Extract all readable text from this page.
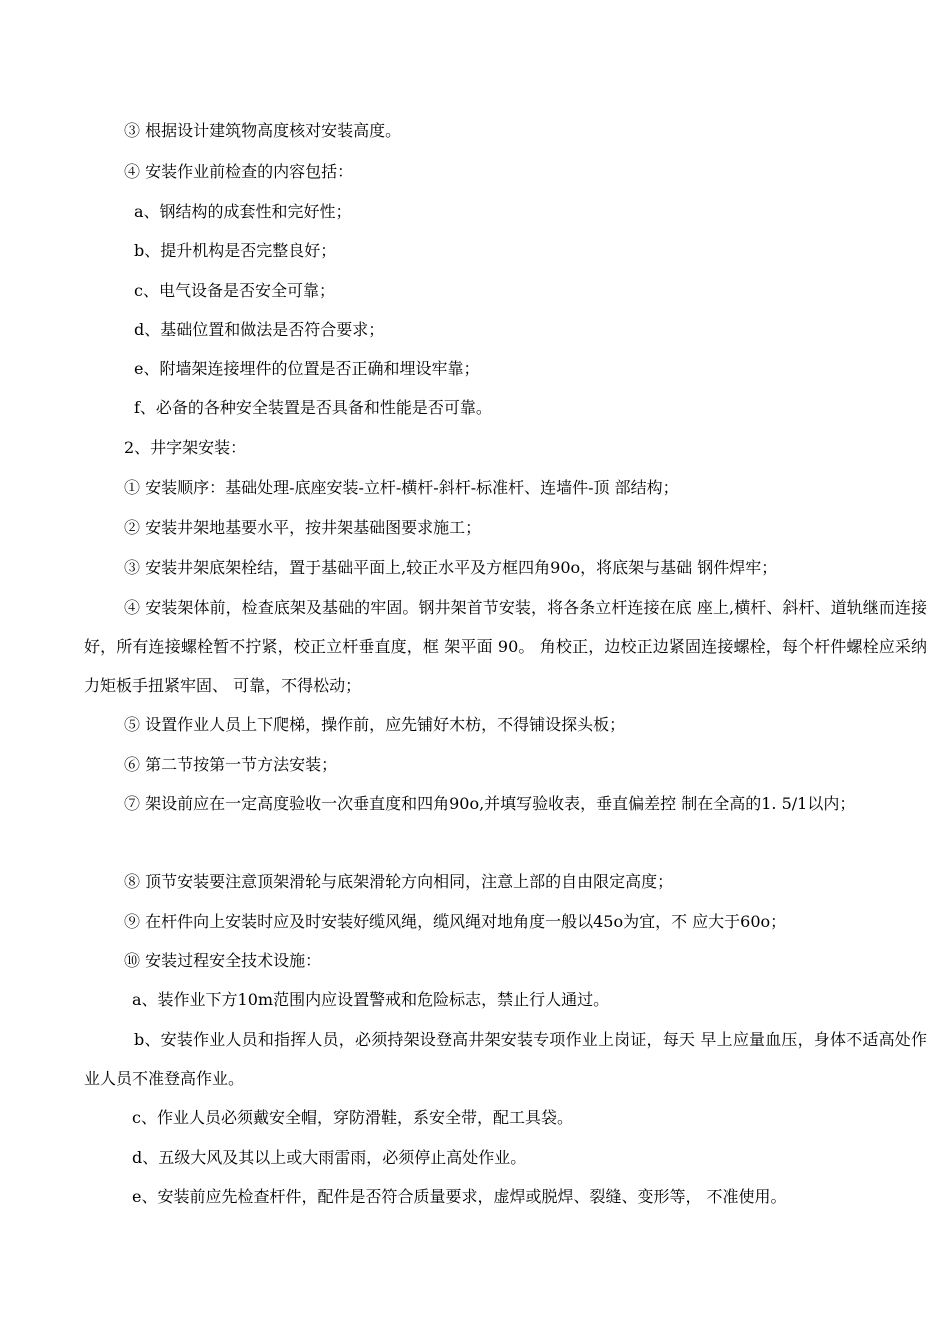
③ 根据设计建筑物高度核对安装高度。
④ 安装作业前检查的内容包括：
a、钢结构的成套性和完好性；
b、提升机构是否完整良好；
c、电气设备是否安全可靠；
d、基础位置和做法是否符合要求；
e、附墙架连接埋件的位置是否正确和埋设牢靠；
f、必备的各种安全装置是否具备和性能是否可靠。
2、井字架安装：
① 安装顺序：基础处理-底座安装-立杆-横杆-斜杆-标准杆、连墙件-顶 部结构；
② 安装井架地基要水平，按井架基础图要求施工；
③ 安装井架底架栓结，置于基础平面上,较正水平及方框四角90o，将底架与基础 钢件焊牢；
④ 安装架体前，检查底架及基础的牢固。钢井架首节安装，将各条立杆连接在底 座上,横杆、斜杆、道轨继而连接好，所有连接螺栓暂不拧紧，校正立杆垂直度，框 架平面 90。 角校正，边校正边紧固连接螺栓，每个杆件螺栓应采纳力矩板手扭紧牢固、 可靠，不得松动；
⑤ 设置作业人员上下爬梯，操作前，应先铺好木枋，不得铺设探头板；
⑥ 第二节按第一节方法安装；
⑦ 架设前应在一定高度验收一次垂直度和四角90o,并填写验收表，垂直偏差控 制在全高的1. 5/1以内；
⑧ 顶节安装要注意顶架滑轮与底架滑轮方向相同，注意上部的自由限定高度；
⑨ 在杆件向上安装时应及时安装好缆风绳，缆风绳对地角度一般以45o为宜，不 应大于60o；
⑩ 安装过程安全技术设施：
a、装作业下方10m范围内应设置警戒和危险标志，禁止行人通过。
b、安装作业人员和指挥人员，必须持架设登高井架安装专项作业上岗证，每天 早上应量血压，身体不适高处作业人员不准登高作业。
c、作业人员必须戴安全帽，穿防滑鞋，系安全带，配工具袋。
d、五级大风及其以上或大雨雷雨，必须停止高处作业。
e、安装前应先检查杆件，配件是否符合质量要求，虚焊或脱焊、裂缝、变形等， 不准使用。
